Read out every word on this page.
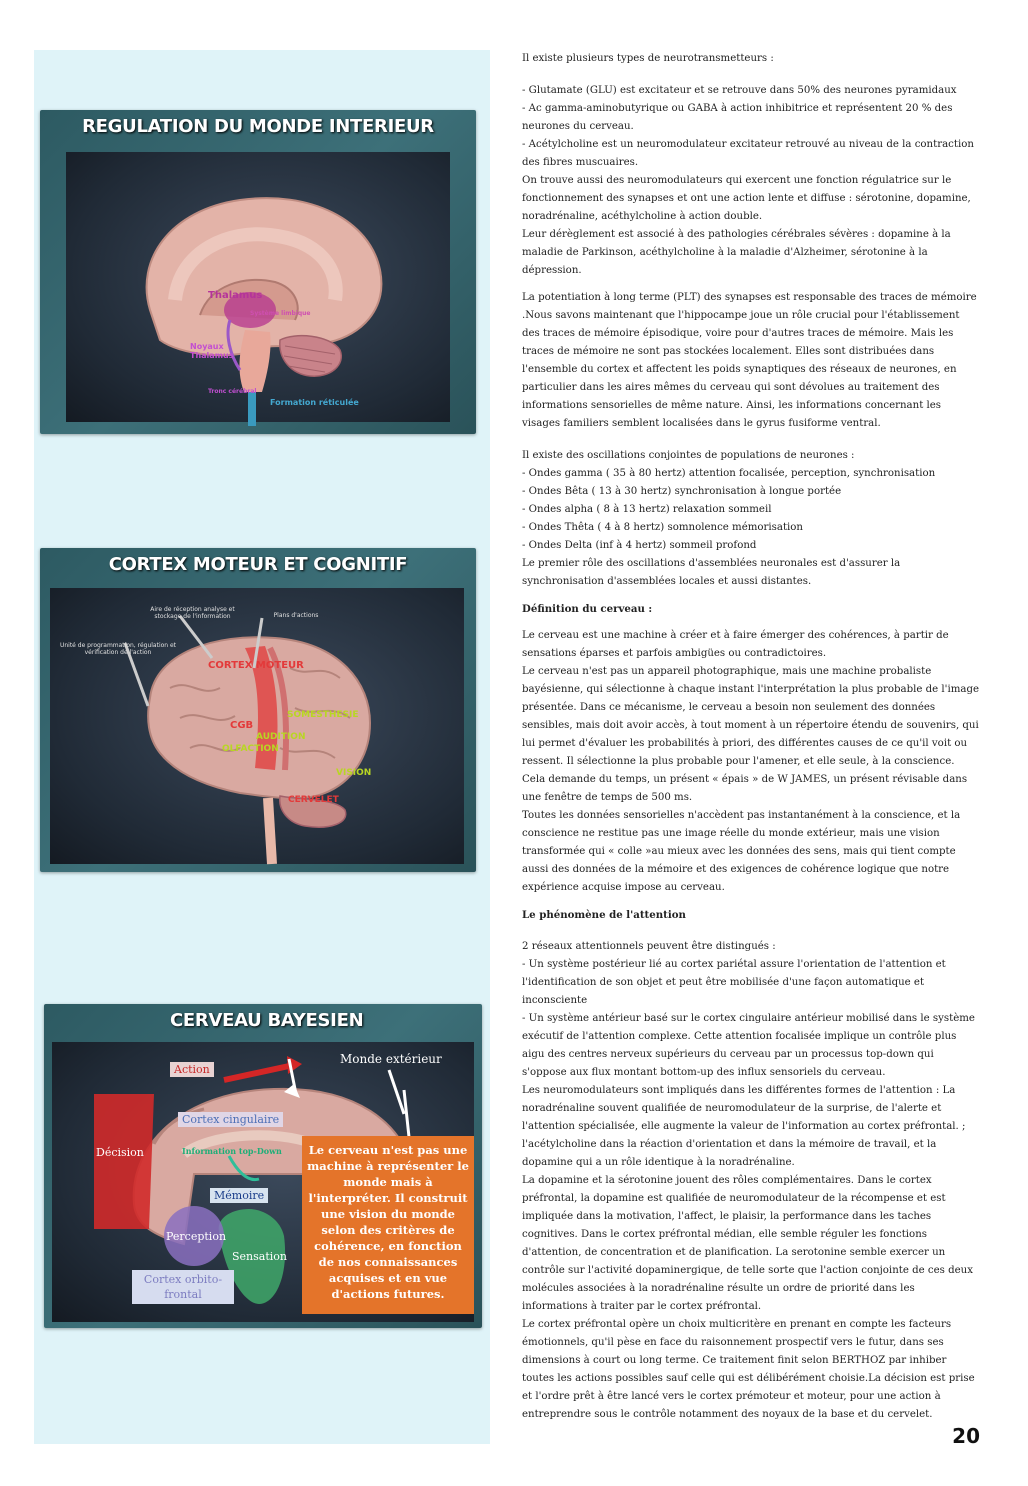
REGULATION DU MONDE INTERIEUR
Thalamus
Système limbique
Noyaux Thalamus
Tronc cérébral
Formation réticulée
CORTEX MOTEUR ET COGNITIF
Aire de réception analyse et stockage de l'information	Plans d'actions
Unité de programmation, régulation et vérification de l'action
CORTEX MOTEUR
SOMESTHESIE
CGB
AUDITION
OLFACTION
VISION
CERVELET
CERVEAU BAYESIEN
Monde extérieur
Action
Cortex cingulaire
Décision	Information top-Down
Mémoire
Perception
Sensation
Cortex orbito-frontal
Le cerveau n'est pas une machine à représenter le monde mais à l'interpréter. Il construit une vision du monde selon des critères de cohérence, en fonction de nos connaissances acquises et en vue d'actions futures.

Il existe plusieurs types de neurotransmetteurs :

- Glutamate (GLU) est excitateur et se retrouve dans 50% des neurones pyramidaux

- Ac gamma-aminobutyrique ou GABA à action inhibitrice et représentent 20 % des neurones du cerveau.

- Acétylcholine est un neuromodulateur excitateur retrouvé au niveau de la contraction des fibres muscuaires.

On trouve aussi des neuromodulateurs qui exercent une fonction régulatrice sur le fonctionnement des synapses et ont une action lente et diffuse : sérotonine, dopamine, noradrénaline, acéthylcholine à action double.

Leur dérèglement est associé à des pathologies cérébrales sévères : dopamine à la maladie de Parkinson, acéthylcholine à la maladie d'Alzheimer, sérotonine à la dépression.

La potentiation à long terme (PLT) des synapses est responsable des traces de mémoire .Nous savons maintenant que l'hippocampe joue un rôle crucial pour l'établissement des traces de mémoire épisodique, voire pour d'autres traces de mémoire. Mais les traces de mémoire ne sont pas stockées localement. Elles sont distribuées dans l'ensemble du cortex et affectent les poids synaptiques des réseaux de neurones, en particulier dans les aires mêmes du cerveau qui sont dévolues au traitement des informations sensorielles de même nature. Ainsi, les informations concernant les visages familiers semblent localisées dans le gyrus fusiforme ventral.

Il existe des oscillations conjointes de populations de neurones :

- Ondes gamma ( 35 à 80 hertz) attention focalisée, perception, synchronisation

- Ondes Bêta ( 13 à 30 hertz) synchronisation à longue portée

- Ondes alpha ( 8 à 13 hertz) relaxation sommeil

- Ondes Thêta ( 4 à 8 hertz) somnolence mémorisation

- Ondes Delta (inf à 4 hertz) sommeil profond

Le premier rôle des oscillations d'assemblées neuronales est d'assurer la synchronisation d'assemblées locales et aussi distantes.

Définition du cerveau :

Le cerveau est une machine à créer et à faire émerger des cohérences, à partir de sensations éparses et parfois ambigües ou contradictoires.

Le cerveau n'est pas un appareil photographique, mais une machine probaliste bayésienne, qui sélectionne à chaque instant l'interprétation la plus probable de l'image présentée. Dans ce mécanisme, le cerveau a besoin non seulement des données sensibles, mais doit avoir accès, à tout moment à un répertoire étendu de souvenirs, qui lui permet d'évaluer les probabilités à priori, des différentes causes de ce qu'il voit ou ressent. Il sélectionne la plus probable pour l'amener, et elle seule, à la conscience.

Cela demande du temps, un présent « épais » de W JAMES, un présent révisable dans une fenêtre de temps de 500 ms.

Toutes les données sensorielles n'accèdent pas instantanément à la conscience, et la conscience ne restitue pas une image réelle du monde extérieur, mais une vision transformée qui « colle »au mieux avec les données des sens, mais qui tient compte aussi des données de la mémoire et des exigences de cohérence logique que notre expérience acquise impose au cerveau.

Le phénomène de l'attention

2 réseaux attentionnels peuvent être distingués :

- Un système postérieur lié au cortex pariétal assure l'orientation de l'attention et l'identification de son objet et peut être mobilisée d'une façon automatique et inconsciente

- Un système antérieur basé sur le cortex cingulaire antérieur mobilisé dans le système exécutif de l'attention complexe. Cette attention focalisée implique un contrôle plus aigu des centres nerveux supérieurs du cerveau par un processus top-down qui s'oppose aux flux montant bottom-up des influx sensoriels du cerveau.

Les neuromodulateurs sont impliqués dans les différentes formes de l'attention : La noradrénaline souvent qualifiée de neuromodulateur de la surprise, de l'alerte et l'attention spécialisée, elle augmente la valeur de l'information au cortex préfrontal. ; l'acétylcholine dans la réaction d'orientation et dans la mémoire de travail, et la dopamine qui a un rôle identique à la noradrénaline.

La dopamine et la sérotonine jouent des rôles complémentaires. Dans le cortex préfrontal, la dopamine est qualifiée de neuromodulateur de la récompense et est impliquée dans la motivation, l'affect, le plaisir, la performance dans les taches cognitives. Dans le cortex préfrontal médian, elle semble réguler les fonctions d'attention, de concentration et de planification. La serotonine semble exercer un contrôle sur l'activité dopaminergique, de telle sorte que l'action conjointe de ces deux molécules associées à la noradrénaline résulte un ordre de priorité dans les informations à traiter par le cortex préfrontal.

Le cortex préfrontal opère un choix multicritère en prenant en compte les facteurs émotionnels, qu'il pèse en face du raisonnement prospectif vers le futur, dans ses dimensions à court ou long terme. Ce traitement finit selon BERTHOZ par inhiber toutes les actions possibles sauf celle qui est délibérément choisie.La décision est prise et l'ordre prêt à être lancé vers le cortex prémoteur et moteur, pour une action à entreprendre sous le contrôle notamment des noyaux de la base et du cervelet.

20
